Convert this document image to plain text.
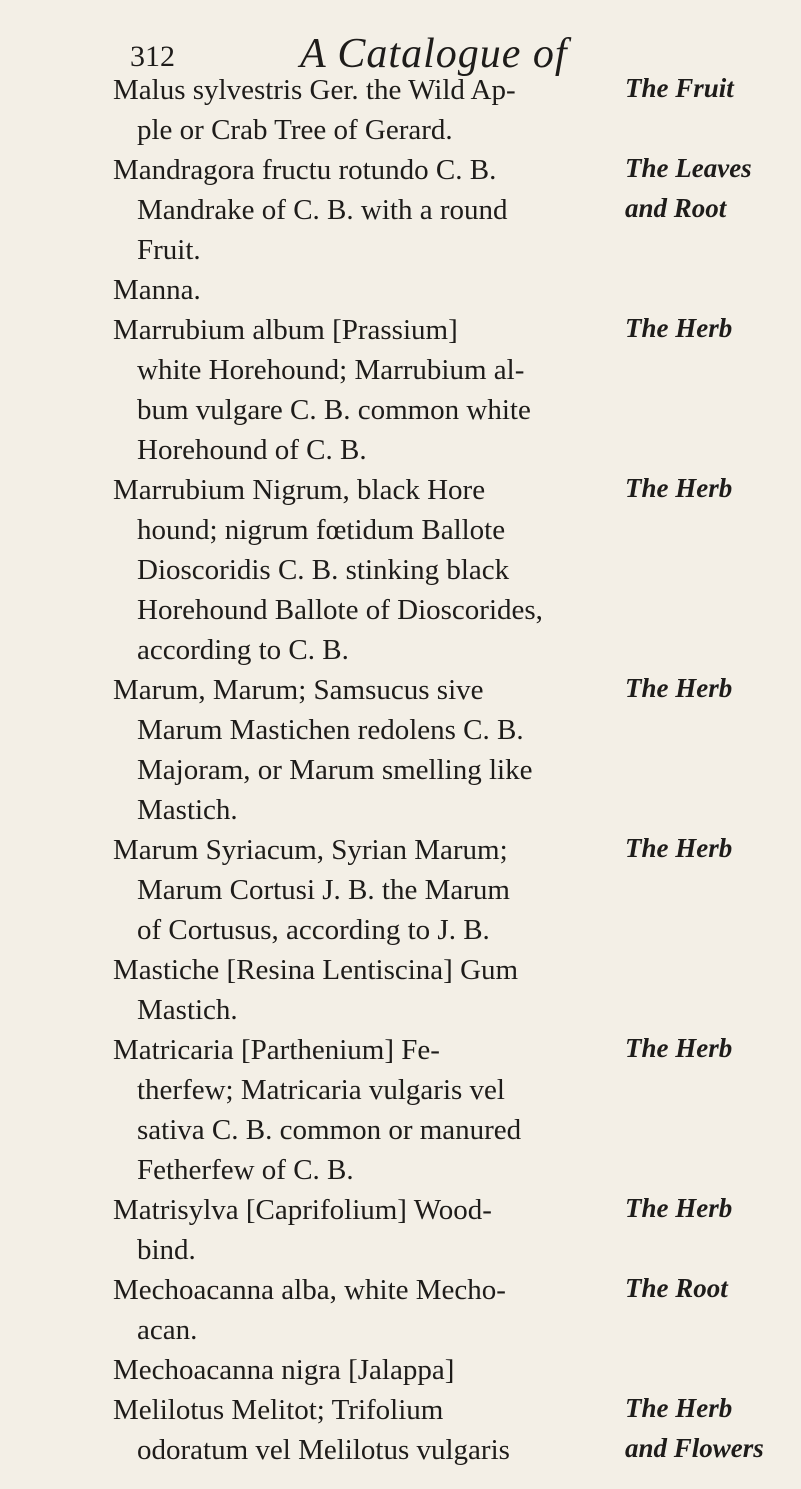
312	A Catalogue of
Malus sylvestris Ger. the Wild Ap-
ple or Crab Tree of Gerard.
Mandragora fructu rotundo C. B.
Mandrake of C. B. with a round
Fruit.
Manna.
Marrubium album [Prassium]
white Horehound; Marrubium al-
bum vulgare C. B. common white
Horehound of C. B.
Marrubium Nigrum, black Hore
hound; nigrum fœtidum Ballote
Dioscoridis C. B. stinking black
Horehound Ballote of Dioscorides,
according to C. B.
Marum, Marum; Samsucus sive
Marum Mastichen redolens C. B.
Majoram, or Marum smelling like
Mastich.
Marum Syriacum, Syrian Marum;
Marum Cortusi J. B. the Marum
of Cortusus, according to J. B.
Mastiche [Resina Lentiscina] Gum
Mastich.
Matricaria [Parthenium] Fe-
therfew; Matricaria vulgaris vel
sativa C. B. common or manured
Fetherfew of C. B.
Matrisylva [Caprifolium] Wood-
bind.
Mechoacanna alba, white Mecho-
acan.
Mechoacanna nigra [Jalappa]
Melilotus Melitot; Trifolium
odoratum vel Melilotus vulgaris
The Fruit
The Leaves
and Root
The Herb
The Herb
The Herb
The Herb
The Herb
The Herb
The Root
The Herb
and Flowers
